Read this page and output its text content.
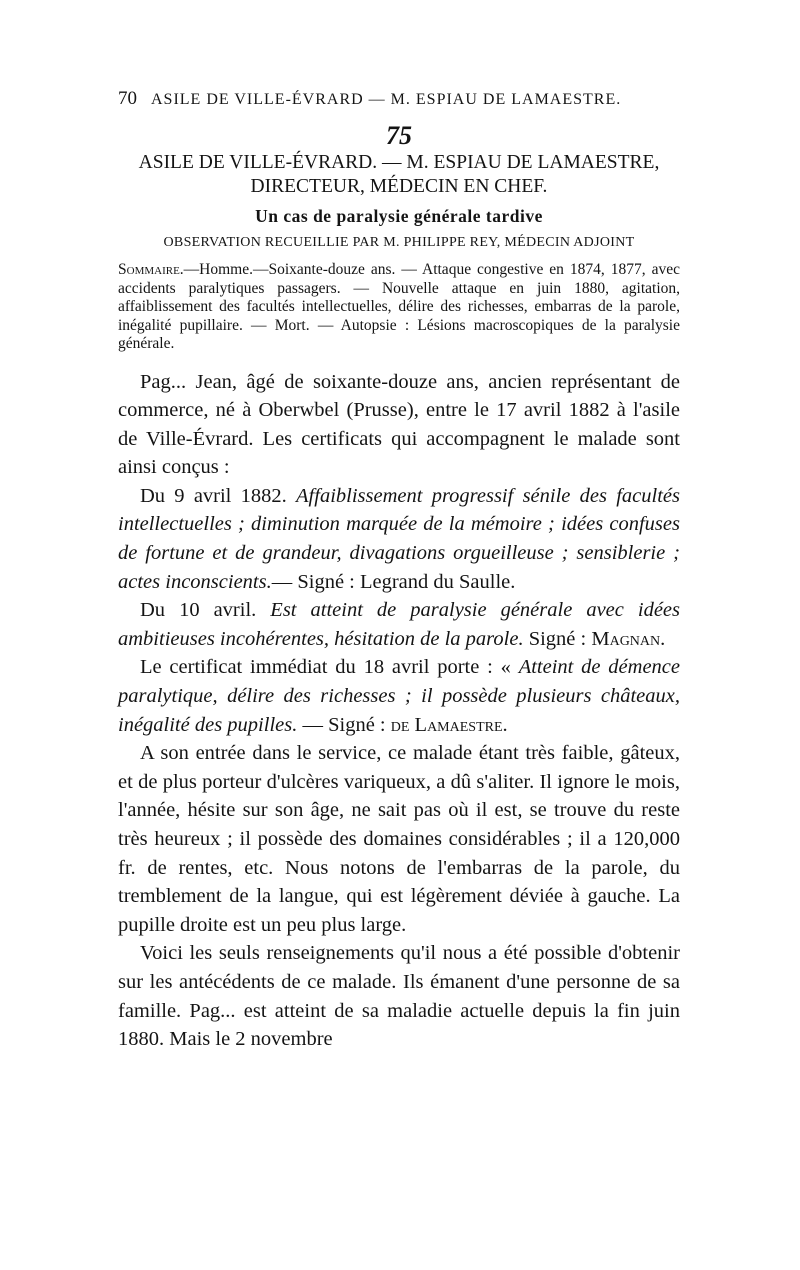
70 ASILE DE VILLE-ÉVRARD — M. ESPIAU DE LAMAESTRE.
75
ASILE DE VILLE-ÉVRARD. — M. ESPIAU DE LAMAESTRE,
DIRECTEUR, MÉDECIN EN CHEF.
Un cas de paralysie générale tardive
OBSERVATION RECUEILLIE PAR M. PHILIPPE REY, MÉDECIN ADJOINT
Sommaire.—Homme.—Soixante-douze ans. — Attaque congestive en 1874, 1877, avec accidents paralytiques passagers. — Nouvelle attaque en juin 1880, agitation, affaiblissement des facultés intellectuelles, délire des richesses, embarras de la parole, inégalité pupillaire. — Mort. — Autopsie : Lésions macroscopiques de la paralysie générale.

Pag... Jean, âgé de soixante-douze ans, ancien représentant de commerce, né à Oberwbel (Prusse), entre le 17 avril 1882 à l'asile de Ville-Évrard. Les certificats qui accompagnent le malade sont ainsi conçus :

Du 9 avril 1882. Affaiblissement progressif sénile des facultés intellectuelles ; diminution marquée de la mémoire ; idées confuses de fortune et de grandeur, divagations orgueilleuse ; sensiblerie ; actes inconscients.— Signé : Legrand du Saulle.

Du 10 avril. Est atteint de paralysie générale avec idées ambitieuses incohérentes, hésitation de la parole. Signé : Magnan.

Le certificat immédiat du 18 avril porte : « Atteint de démence paralytique, délire des richesses ; il possède plusieurs châteaux, inégalité des pupilles. — Signé : de Lamaestre.

A son entrée dans le service, ce malade étant très faible, gâteux, et de plus porteur d'ulcères variqueux, a dû s'aliter. Il ignore le mois, l'année, hésite sur son âge, ne sait pas où il est, se trouve du reste très heureux ; il possède des domaines considérables ; il a 120,000 fr. de rentes, etc. Nous notons de l'embarras de la parole, du tremblement de la langue, qui est légèrement déviée à gauche. La pupille droite est un peu plus large.

Voici les seuls renseignements qu'il nous a été possible d'obtenir sur les antécédents de ce malade. Ils émanent d'une personne de sa famille. Pag... est atteint de sa maladie actuelle depuis la fin juin 1880. Mais le 2 novembre
